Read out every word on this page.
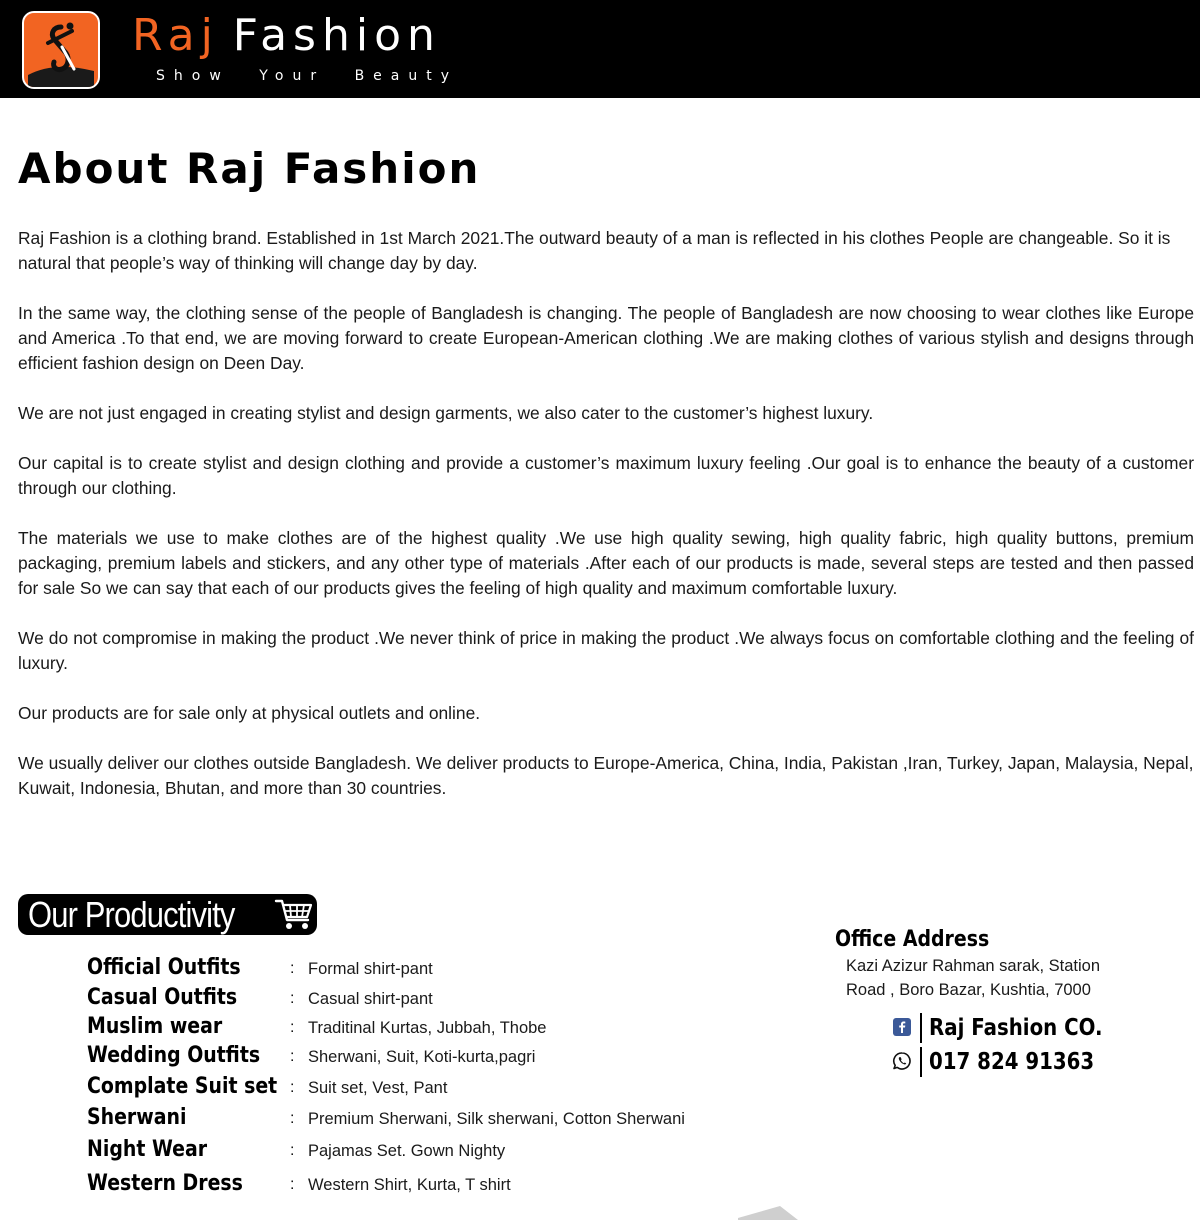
Raj Fashion
Show Your Beauty
About Raj Fashion

Raj Fashion is a clothing brand. Established in 1st March 2021.The outward beauty of a man is reflected in his clothes People are changeable. So it is natural that people’s way of thinking will change day by day.

In the same way, the clothing sense of the people of Bangladesh is changing. The people of Bangladesh are now choosing to wear clothes like Europe and America .To that end, we are moving forward to create European-American clothing .We are making clothes of various stylish and designs through efficient fashion design on Deen Day.

We are not just engaged in creating stylist and design garments, we also cater to the customer’s highest luxury.

Our capital is to create stylist and design clothing and provide a customer’s maximum luxury feeling .Our goal is to enhance the beauty of a customer through our clothing.

The materials we use to make clothes are of the highest quality .We use high quality sewing, high quality fabric, high quality buttons, premium packaging, premium labels and stickers, and any other type of materials .After each of our products is made, several steps are tested and then passed for sale So we can say that each of our products gives the feeling of high quality and maximum comfortable luxury.

We do not compromise in making the product .We never think of price in making the product .We always focus on comfortable clothing and the feeling of luxury.

Our products are for sale only at physical outlets and online.

We usually deliver our clothes outside Bangladesh. We deliver products to Europe-America, China, India, Pakistan ,Iran, Turkey, Japan, Malaysia, Nepal, Kuwait, Indonesia, Bhutan, and more than 30 countries.

Our Productivity
Official Outfits	: Formal shirt-pant
Casual Outfits	: Casual shirt-pant
Muslim wear	: Traditinal Kurtas, Jubbah, Thobe
Wedding Outfits : Sherwani, Suit, Koti-kurta,pagri
Complate Suit set : Suit set, Vest, Pant
Sherwani	: Premium Sherwani, Silk sherwani, Cotton Sherwani
Night Wear	: Pajamas Set. Gown Nighty
Western Dress	: Western Shirt, Kurta, T shirt
Office Address
Kazi Azizur Rahman sarak, Station
Road , Boro Bazar, Kushtia, 7000
Raj Fashion CO.
017 824 91363
